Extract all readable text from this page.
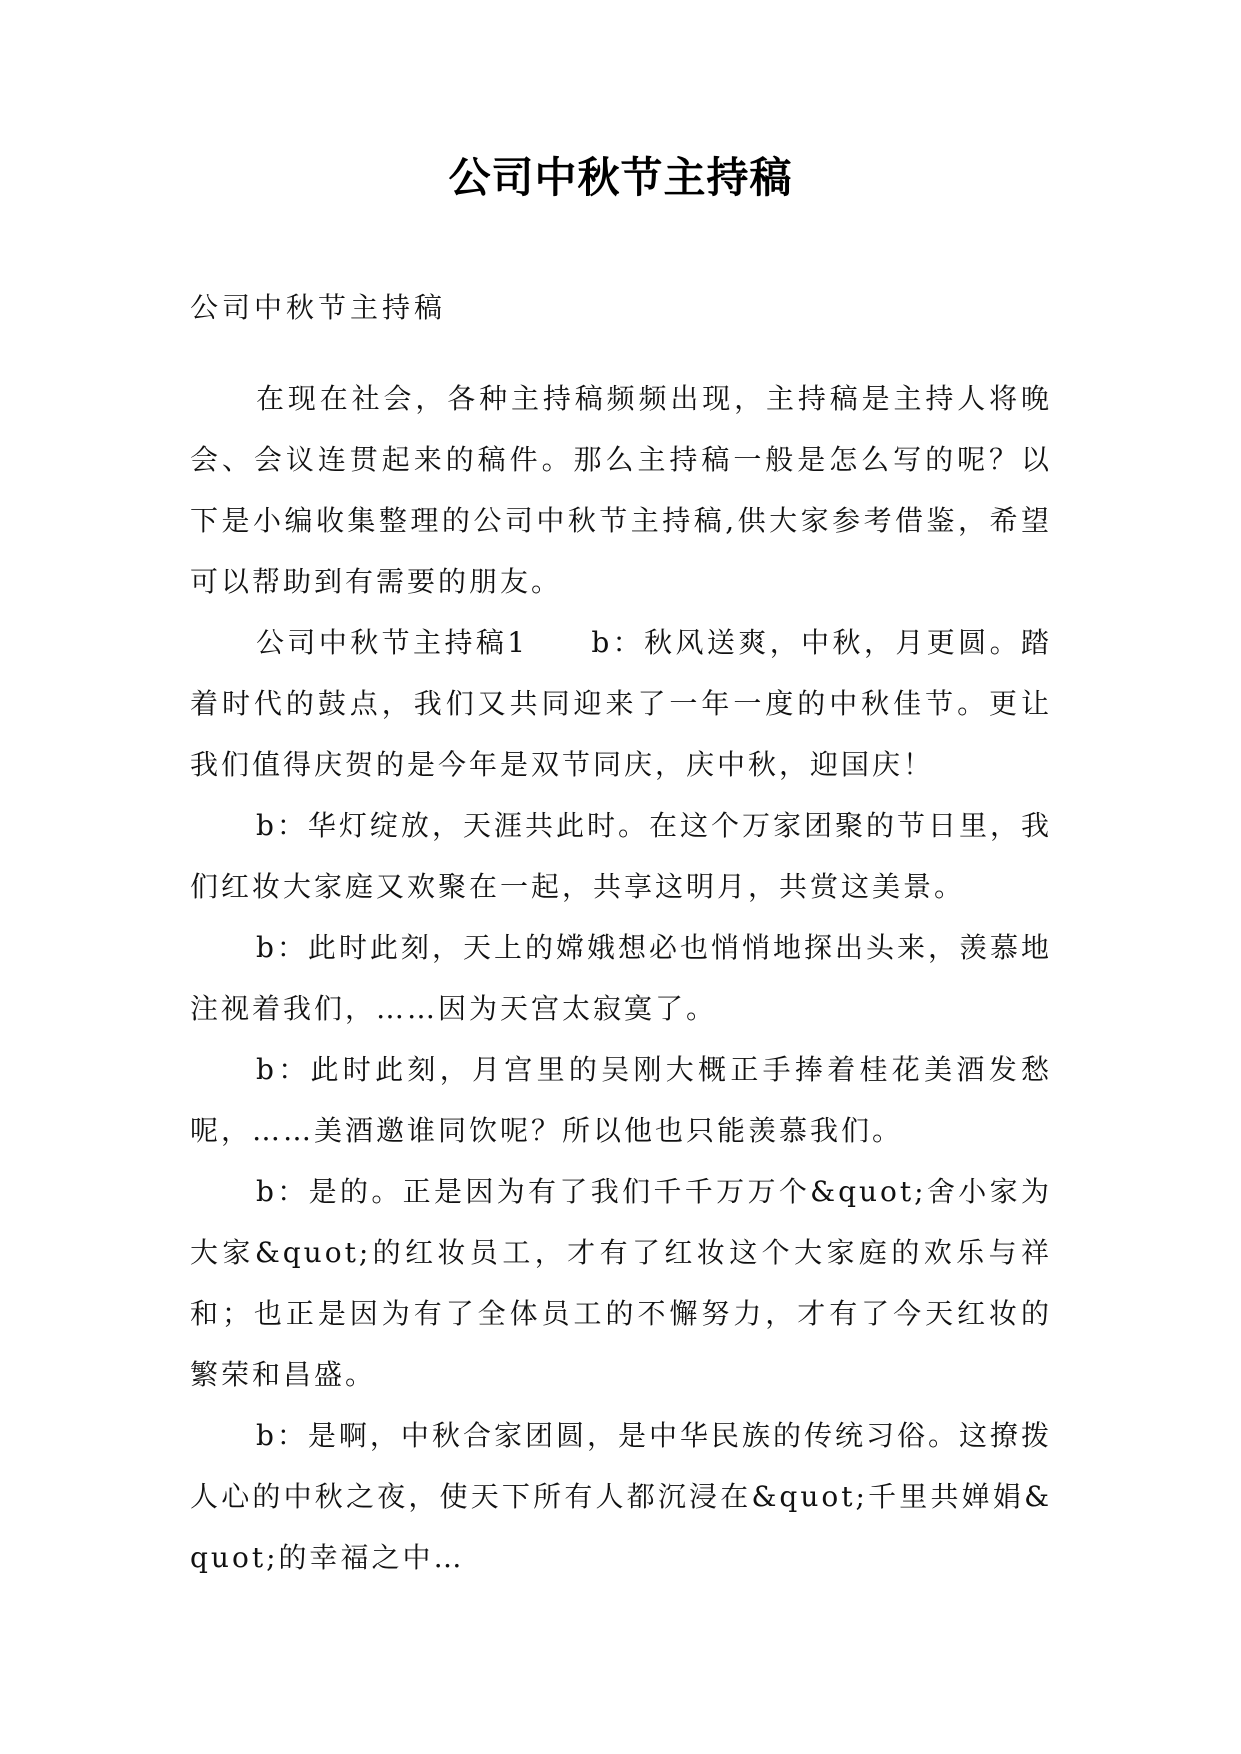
公司中秋节主持稿

公司中秋节主持稿

在现在社会，各种主持稿频频出现，主持稿是主持人将晚会、会议连贯起来的稿件。那么主持稿一般是怎么写的呢？以下是小编收集整理的公司中秋节主持稿,供大家参考借鉴，希望可以帮助到有需要的朋友。

公司中秋节主持稿1　　b：秋风送爽，中秋，月更圆。踏着时代的鼓点，我们又共同迎来了一年一度的中秋佳节。更让我们值得庆贺的是今年是双节同庆，庆中秋，迎国庆！

b：华灯绽放，天涯共此时。在这个万家团聚的节日里，我们红妆大家庭又欢聚在一起，共享这明月，共赏这美景。

b：此时此刻，天上的嫦娥想必也悄悄地探出头来，羡慕地注视着我们，……因为天宫太寂寞了。

b：此时此刻，月宫里的吴刚大概正手捧着桂花美酒发愁呢，……美酒邀谁同饮呢？所以他也只能羡慕我们。

b：是的。正是因为有了我们千千万万个&quot;舍小家为大家&quot;的红妆员工，才有了红妆这个大家庭的欢乐与祥和；也正是因为有了全体员工的不懈努力，才有了今天红妆的繁荣和昌盛。

b：是啊，中秋合家团圆，是中华民族的传统习俗。这撩拨人心的中秋之夜，使天下所有人都沉浸在&quot;千里共婵娟&quot;的幸福之中…
